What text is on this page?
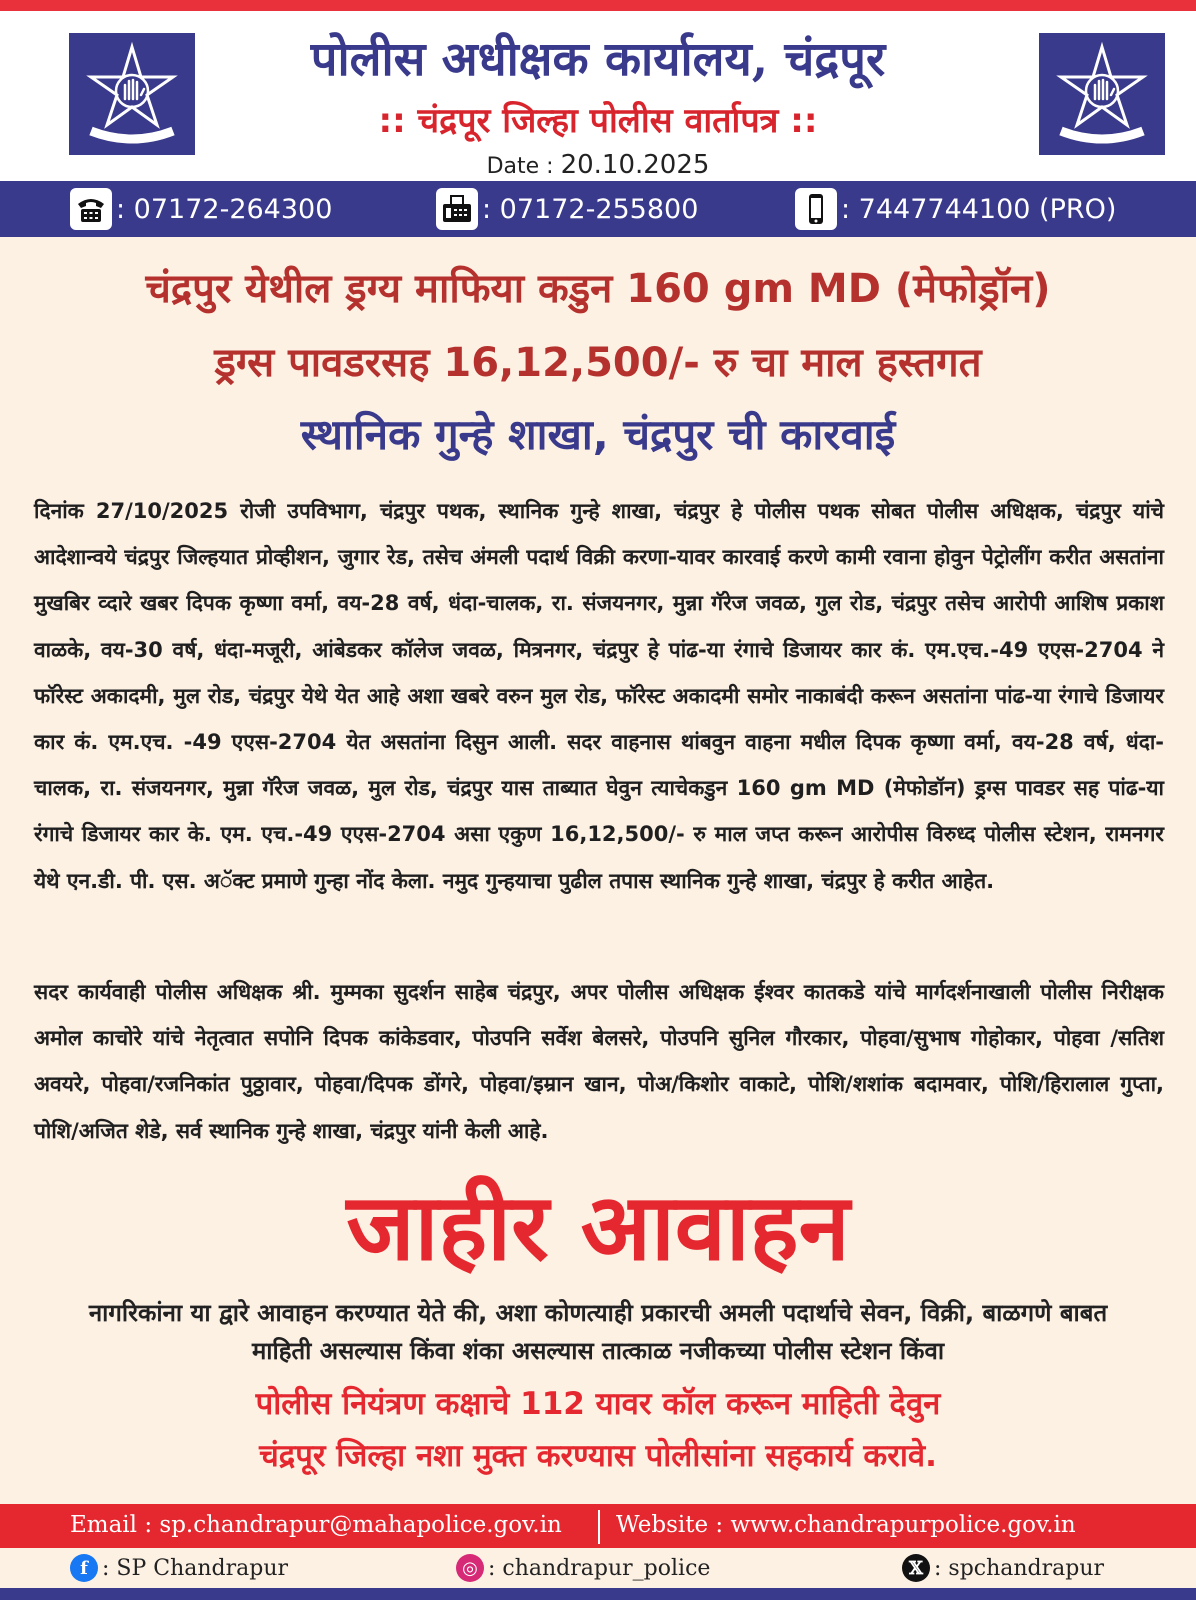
पोलीस अधीक्षक कार्यालय, चंद्रपूर
:: चंद्रपूर जिल्हा पोलीस वार्तापत्र ::
Date : 20.10.2025
: 07172-264300	: 07172-255800	: 7447744100 (PRO)
चंद्रपुर येथील ड्रग्य माफिया कडुन 160 gm MD (मेफोड्रॉन)
ड्रग्स पावडरसह 16,12,500/- रु चा माल हस्तगत
स्थानिक गुन्हे शाखा, चंद्रपुर ची कारवाई

दिनांक 27/10/2025 रोजी उपविभाग, चंद्रपुर पथक, स्थानिक गुन्हे शाखा, चंद्रपुर हे पोलीस पथक सोबत पोलीस अधिक्षक, चंद्रपुर यांचे आदेशान्वये चंद्रपुर जिल्हयात प्रोव्हीशन, जुगार रेड, तसेच अंमली पदार्थ विक्री करणा-यावर कारवाई करणे कामी रवाना होवुन पेट्रोलींग करीत असतांना मुखबिर व्दारे खबर दिपक कृष्णा वर्मा, वय-28 वर्ष, धंदा-चालक, रा. संजयनगर, मुन्ना गॅरेज जवळ, गुल रोड, चंद्रपुर तसेच आरोपी आशिष प्रकाश वाळके, वय-30 वर्ष, धंदा-मजूरी, आंबेडकर कॉलेज जवळ, मित्रनगर, चंद्रपुर हे पांढ-या रंगाचे डिजायर कार कं. एम.एच.-49 एएस-2704 ने फॉरेस्ट अकादमी, मुल रोड, चंद्रपुर येथे येत आहे अशा खबरे वरुन मुल रोड, फॉरेस्ट अकादमी समोर नाकाबंदी करून असतांना पांढ-या रंगाचे डिजायर कार कं. एम.एच. -49 एएस-2704 येत असतांना दिसुन आली. सदर वाहनास थांबवुन वाहना मधील दिपक कृष्णा वर्मा, वय-28 वर्ष, धंदा-चालक, रा. संजयनगर, मुन्ना गॅरेज जवळ, मुल रोड, चंद्रपुर यास ताब्यात घेवुन त्याचेकडुन 160 gm MD (मेफोडॉन) ड्रग्स पावडर सह पांढ-या रंगाचे डिजायर कार के. एम. एच.-49 एएस-2704 असा एकुण 16,12,500/- रु माल जप्त करून आरोपीस विरुध्द पोलीस स्टेशन, रामनगर येथे एन.डी. पी. एस. अॅक्ट प्रमाणे गुन्हा नोंद केला. नमुद गुन्हयाचा पुढील तपास स्थानिक गुन्हे शाखा, चंद्रपुर हे करीत आहेत.

सदर कार्यवाही पोलीस अधिक्षक श्री. मुम्मका सुदर्शन साहेब चंद्रपुर, अपर पोलीस अधिक्षक ईश्वर कातकडे यांचे मार्गदर्शनाखाली पोलीस निरीक्षक अमोल काचोरे यांचे नेतृत्वात सपोनि दिपक कांकेडवार, पोउपनि सर्वेश बेलसरे, पोउपनि सुनिल गौरकार, पोहवा/सुभाष गोहोकार, पोहवा /सतिश अवयरे, पोहवा/रजनिकांत पुठ्ठावार, पोहवा/दिपक डोंगरे, पोहवा/इम्रान खान, पोअ/किशोर वाकाटे, पोशि/शशांक बदामवार, पोशि/हिरालाल गुप्ता, पोशि/अजित शेडे, सर्व स्थानिक गुन्हे शाखा, चंद्रपुर यांनी केली आहे.

जाहीर आवाहन
नागरिकांना या द्वारे आवाहन करण्यात येते की, अशा कोणत्याही प्रकारची अमली पदार्थाचे सेवन, विक्री, बाळगणे बाबत माहिती असल्यास किंवा शंका असल्यास तात्काळ नजीकच्या पोलीस स्टेशन किंवा
पोलीस नियंत्रण कक्षाचे 112 यावर कॉल करून माहिती देवुन
चंद्रपूर जिल्हा नशा मुक्त करण्यास पोलीसांना सहकार्य करावे.
Email : sp.chandrapur@mahapolice.gov.in Website : www.chandrapurpolice.gov.in
f : SP Chandrapur	◎ : chandrapur_police	𝕏 : spchandrapur
